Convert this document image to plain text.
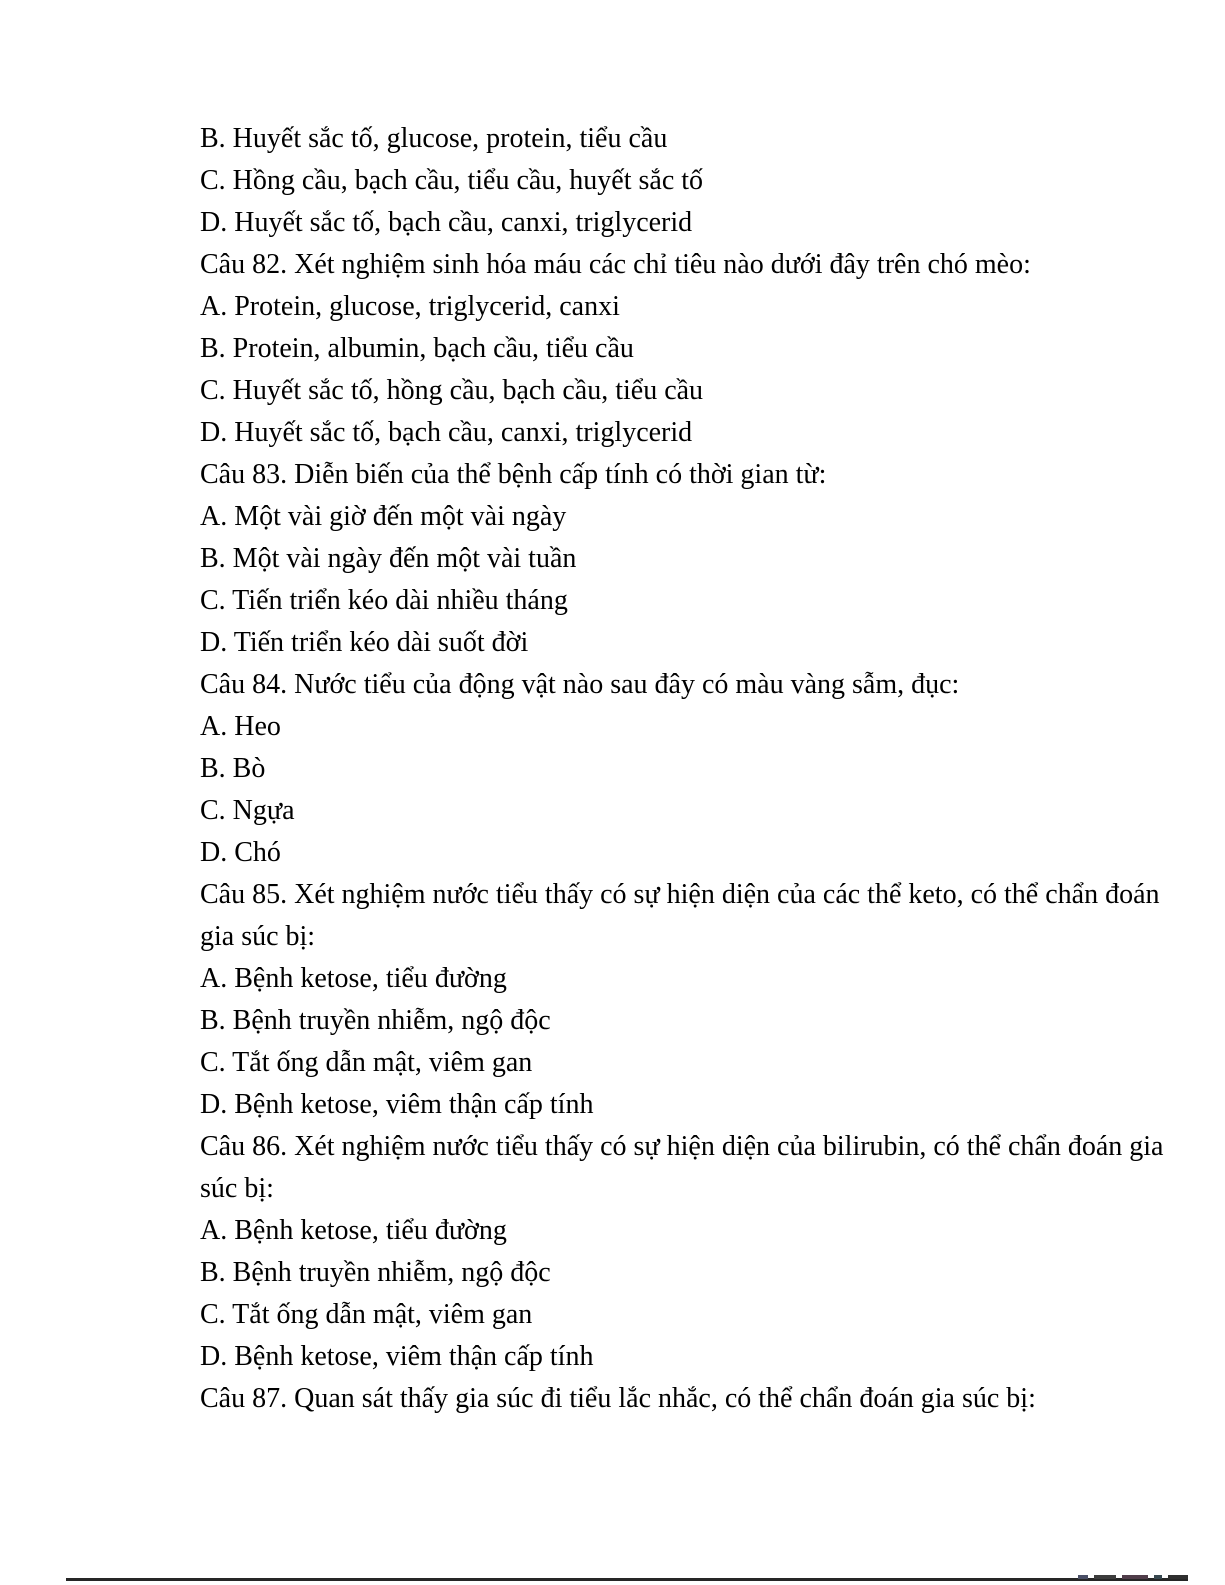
B. Huyết sắc tố, glucose, protein, tiểu cầu

C. Hồng cầu, bạch cầu, tiểu cầu, huyết sắc tố

D. Huyết sắc tố, bạch cầu, canxi, triglycerid

Câu 82. Xét nghiệm sinh hóa máu các chỉ tiêu nào dưới đây trên chó mèo:

A. Protein, glucose, triglycerid, canxi

B. Protein, albumin, bạch cầu, tiểu cầu

C. Huyết sắc tố, hồng cầu, bạch cầu, tiểu cầu

D. Huyết sắc tố, bạch cầu, canxi, triglycerid

Câu 83. Diễn biến của thể bệnh cấp tính có thời gian từ:

A. Một vài giờ đến một vài ngày

B. Một vài ngày đến một vài tuần

C. Tiến triển kéo dài nhiều tháng

D. Tiến triển kéo dài suốt đời

Câu 84. Nước tiểu của động vật nào sau đây có màu vàng sẫm, đục:

A. Heo

B. Bò

C. Ngựa

D. Chó

Câu 85. Xét nghiệm nước tiểu thấy có sự hiện diện của các thể keto, có thể chẩn đoán

gia súc bị:

A. Bệnh ketose, tiểu đường

B. Bệnh truyền nhiễm, ngộ độc

C. Tắt ống dẫn mật, viêm gan

D. Bệnh ketose, viêm thận cấp tính

Câu 86. Xét nghiệm nước tiểu thấy có sự hiện diện của bilirubin, có thể chẩn đoán gia

súc bị:

A. Bệnh ketose, tiểu đường

B. Bệnh truyền nhiễm, ngộ độc

C. Tắt ống dẫn mật, viêm gan

D. Bệnh ketose, viêm thận cấp tính

Câu 87. Quan sát thấy gia súc đi tiểu lắc nhắc, có thể chẩn đoán gia súc bị:
